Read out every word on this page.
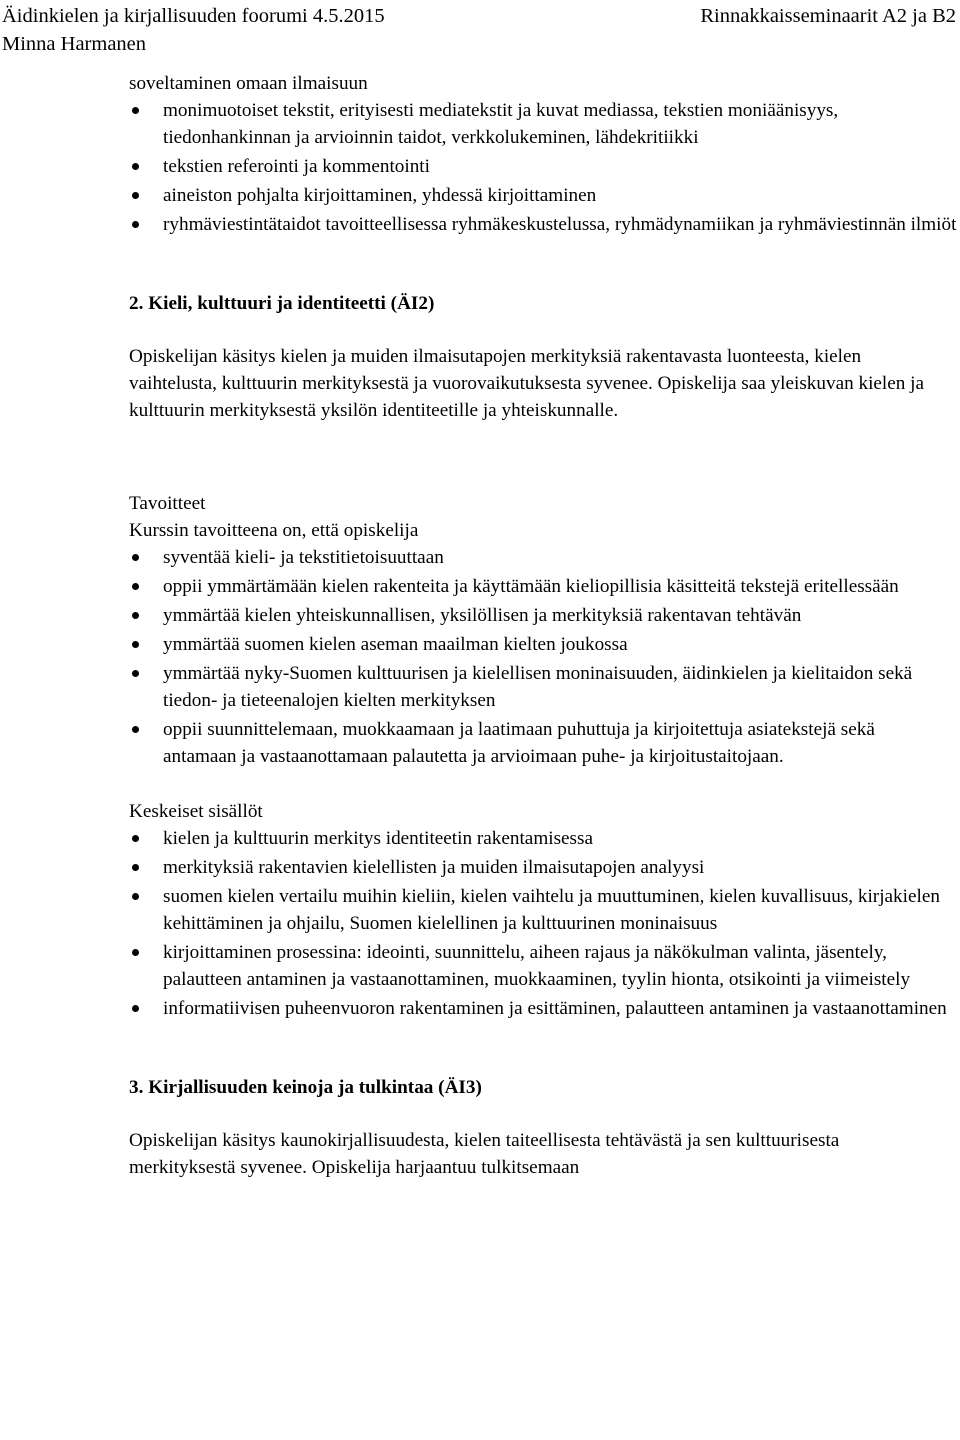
Äidinkielen ja kirjallisuuden foorumi 4.5.2015	Rinnakkaisseminaarit A2 ja B2
Minna Harmanen

soveltaminen omaan ilmaisuun

monimuotoiset tekstit, erityisesti mediatekstit ja kuvat mediassa, tekstien moniäänisyys, tiedonhankinnan ja arvioinnin taidot, verkkolukeminen, lähdekritiikki
tekstien referointi ja kommentointi
aineiston pohjalta kirjoittaminen, yhdessä kirjoittaminen
ryhmäviestintätaidot tavoitteellisessa ryhmäkeskustelussa, ryhmädynamiikan ja ryhmäviestinnän ilmiöt

2. Kieli, kulttuuri ja identiteetti (ÄI2)

Opiskelijan käsitys kielen ja muiden ilmaisutapojen merkityksiä rakentavasta luonteesta, kielen vaihtelusta, kulttuurin merkityksestä ja vuorovaikutuksesta syvenee. Opiskelija saa yleiskuvan kielen ja kulttuurin merkityksestä yksilön identiteetille ja yhteiskunnalle.

Tavoitteet

Kurssin tavoitteena on, että opiskelija

syventää kieli- ja tekstitietoisuuttaan
oppii ymmärtämään kielen rakenteita ja käyttämään kieliopillisia käsitteitä tekstejä eritellessään
ymmärtää kielen yhteiskunnallisen, yksilöllisen ja merkityksiä rakentavan tehtävän
ymmärtää suomen kielen aseman maailman kielten joukossa
ymmärtää nyky-Suomen kulttuurisen ja kielellisen moninaisuuden, äidinkielen ja kielitaidon sekä tiedon- ja tieteenalojen kielten merkityksen
oppii suunnittelemaan, muokkaamaan ja laatimaan puhuttuja ja kirjoitettuja asiatekstejä sekä antamaan ja vastaanottamaan palautetta ja arvioimaan puhe- ja kirjoitustaitojaan.

Keskeiset sisällöt

kielen ja kulttuurin merkitys identiteetin rakentamisessa
merkityksiä rakentavien kielellisten ja muiden ilmaisutapojen analyysi
suomen kielen vertailu muihin kieliin, kielen vaihtelu ja muuttuminen, kielen kuvallisuus, kirjakielen kehittäminen ja ohjailu, Suomen kielellinen ja kulttuurinen moninaisuus
kirjoittaminen prosessina: ideointi, suunnittelu, aiheen rajaus ja näkökulman valinta, jäsentely, palautteen antaminen ja vastaanottaminen, muokkaaminen, tyylin hionta, otsikointi ja viimeistely
informatiivisen puheenvuoron rakentaminen ja esittäminen, palautteen antaminen ja vastaanottaminen

3. Kirjallisuuden keinoja ja tulkintaa (ÄI3)

Opiskelijan käsitys kaunokirjallisuudesta, kielen taiteellisesta tehtävästä ja sen kulttuurisesta merkityksestä syvenee. Opiskelija harjaantuu tulkitsemaan
